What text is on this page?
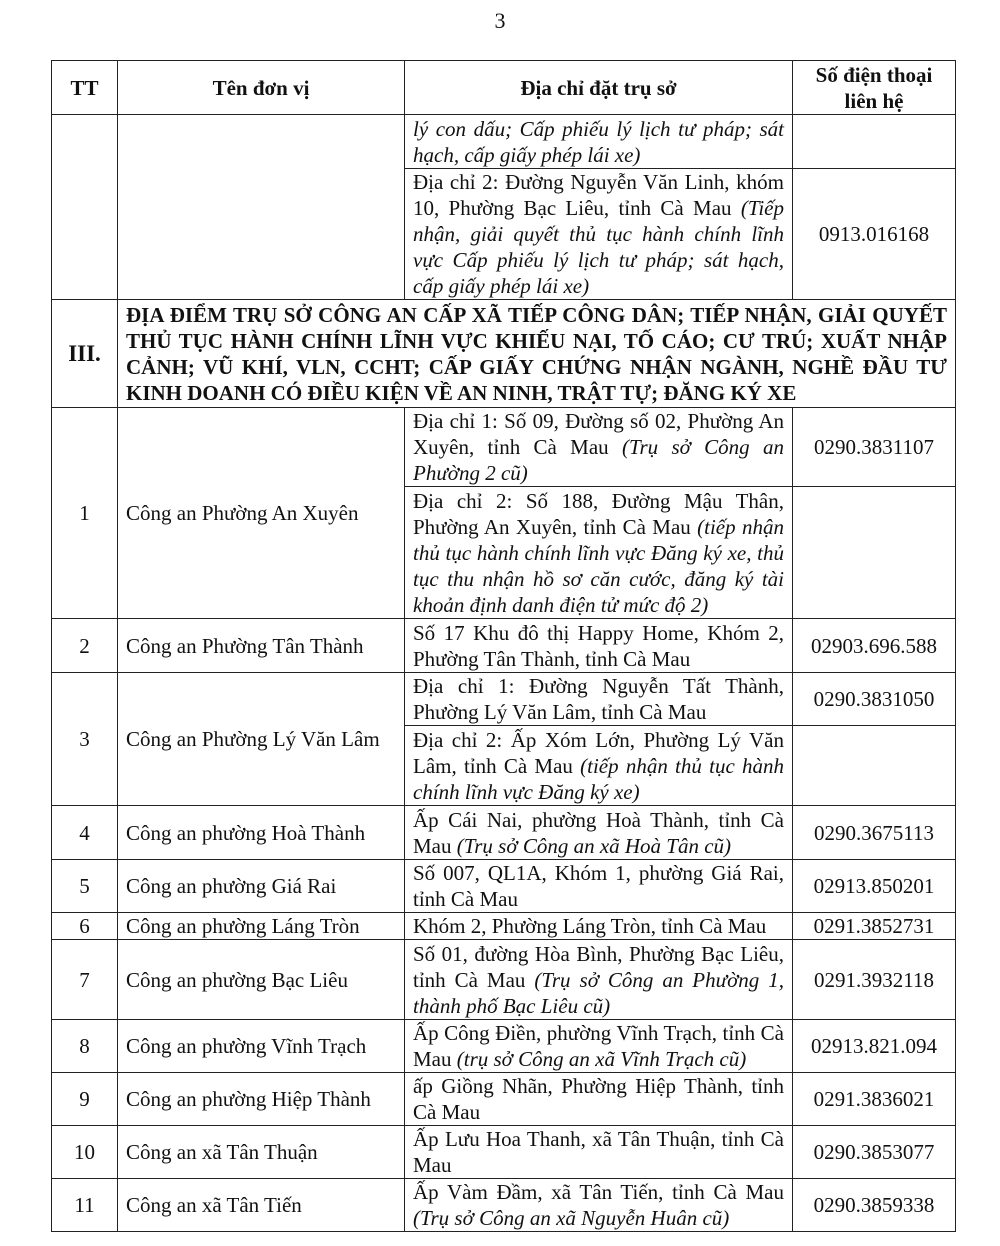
3
TT	Tên đơn vị	Địa chỉ đặt trụ sở	Số điện thoại liên hệ
		lý con dấu; Cấp phiếu lý lịch tư pháp; sát hạch, cấp giấy phép lái xe)	
		Địa chỉ 2: Đường Nguyễn Văn Linh, khóm 10, Phường Bạc Liêu, tỉnh Cà Mau (Tiếp nhận, giải quyết thủ tục hành chính lĩnh vực Cấp phiếu lý lịch tư pháp; sát hạch, cấp giấy phép lái xe)	0913.016168
III.	ĐỊA ĐIỂM TRỤ SỞ CÔNG AN CẤP XÃ TIẾP CÔNG DÂN; TIẾP NHẬN, GIẢI QUYẾT THỦ TỤC HÀNH CHÍNH LĨNH VỰC KHIẾU NẠI, TỐ CÁO; CƯ TRÚ; XUẤT NHẬP CẢNH; VŨ KHÍ, VLN, CCHT; CẤP GIẤY CHỨNG NHẬN NGÀNH, NGHỀ ĐẦU TƯ KINH DOANH CÓ ĐIỀU KIỆN VỀ AN NINH, TRẬT TỰ; ĐĂNG KÝ XE		
1	Công an Phường An Xuyên	Địa chỉ 1: Số 09, Đường số 02, Phường An Xuyên, tỉnh Cà Mau (Trụ sở Công an Phường 2 cũ)	0290.3831107
		Địa chỉ 2: Số 188, Đường Mậu Thân, Phường An Xuyên, tỉnh Cà Mau (tiếp nhận thủ tục hành chính lĩnh vực Đăng ký xe, thủ tục thu nhận hồ sơ căn cước, đăng ký tài khoản định danh điện tử mức độ 2)	
2	Công an Phường Tân Thành	Số 17 Khu đô thị Happy Home, Khóm 2, Phường Tân Thành, tỉnh Cà Mau	02903.696.588
3	Công an Phường Lý Văn Lâm	Địa chỉ 1: Đường Nguyễn Tất Thành, Phường Lý Văn Lâm, tỉnh Cà Mau	0290.3831050
		Địa chỉ 2: Ấp Xóm Lớn, Phường Lý Văn Lâm, tỉnh Cà Mau (tiếp nhận thủ tục hành chính lĩnh vực Đăng ký xe)	
4	Công an phường Hoà Thành	Ấp Cái Nai, phường Hoà Thành, tỉnh Cà Mau (Trụ sở Công an xã Hoà Tân cũ)	0290.3675113
5	Công an phường Giá Rai	Số 007, QL1A, Khóm 1, phường Giá Rai, tỉnh Cà Mau	02913.850201
6	Công an phường Láng Tròn	Khóm 2, Phường Láng Tròn, tỉnh Cà Mau	0291.3852731
7	Công an phường Bạc Liêu	Số 01, đường Hòa Bình, Phường Bạc Liêu, tỉnh Cà Mau (Trụ sở Công an Phường 1, thành phố Bạc Liêu cũ)	0291.3932118
8	Công an phường Vĩnh Trạch	Ấp Công Điền, phường Vĩnh Trạch, tỉnh Cà Mau (trụ sở Công an xã Vĩnh Trạch cũ)	02913.821.094
9	Công an phường Hiệp Thành	ấp Giồng Nhãn, Phường Hiệp Thành, tỉnh Cà Mau	0291.3836021
10	Công an xã Tân Thuận	Ấp Lưu Hoa Thanh, xã Tân Thuận, tỉnh Cà Mau	0290.3853077
11	Công an xã Tân Tiến	Ấp Vàm Đầm, xã Tân Tiến, tỉnh Cà Mau (Trụ sở Công an xã Nguyễn Huân cũ)	0290.3859338
